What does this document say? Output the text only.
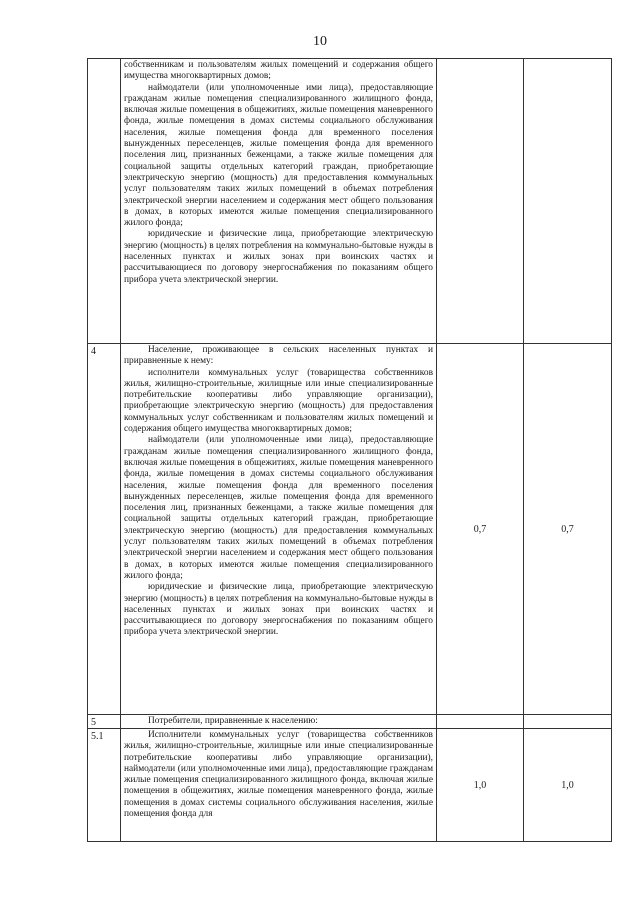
10

	собственникам и пользователям жилых помещений и содержания общего имущества многоквартирных домов;

наймодатели (или уполномоченные ими лица), предоставляющие гражданам жилые помещения специализированного жилищного фонда, включая жилые помещения в общежитиях, жилые помещения маневренного фонда, жилые помещения в домах системы социального обслуживания населения, жилые помещения фонда для временного поселения вынужденных переселенцев, жилые помещения фонда для временного поселения лиц, признанных беженцами, а также жилые помещения для социальной защиты отдельных категорий граждан, приобретающие электрическую энергию (мощность) для предоставления коммунальных услуг пользователям таких жилых помещений в объемах потребления электрической энергии населением и содержания мест общего пользования в домах, в которых имеются жилые помещения специализированного жилого фонда;

юридические и физические лица, приобретающие электрическую энергию (мощность) в целях потребления на коммунально-бытовые нужды в населенных пунктах и жилых зонах при воинских частях и рассчитывающиеся по договору энергоснабжения по показаниям общего прибора учета электрической энергии.		

4	Население, проживающее в сельских населенных пунктах и приравненные к нему:

исполнители коммунальных услуг (товарищества собственников жилья, жилищно-строительные, жилищные или иные специализированные потребительские кооперативы либо управляющие организации), приобретающие электрическую энергию (мощность) для предоставления коммунальных услуг собственникам и пользователям жилых помещений и содержания общего имущества многоквартирных домов;

наймодатели (или уполномоченные ими лица), предоставляющие гражданам жилые помещения специализированного жилищного фонда, включая жилые помещения в общежитиях, жилые помещения маневренного фонда, жилые помещения в домах системы социального обслуживания населения, жилые помещения фонда для временного поселения вынужденных переселенцев, жилые помещения фонда для временного поселения лиц, признанных беженцами, а также жилые помещения для социальной защиты отдельных категорий граждан, приобретающие электрическую энергию (мощность) для предоставления коммунальных услуг пользователям таких жилых помещений в объемах потребления электрической энергии населением и содержания мест общего пользования в домах, в которых имеются жилые помещения специализированного жилого фонда;

юридические и физические лица, приобретающие электрическую энергию (мощность) в целях потребления на коммунально-бытовые нужды в населенных пунктах и жилых зонах при воинских частях и рассчитывающиеся по договору энергоснабжения по показаниям общего прибора учета электрической энергии.	0,7	0,7
5	Потребители, приравненные к населению:		

5.1	Исполнители коммунальных услуг (товарищества собственников жилья, жилищно-строительные, жилищные или иные специализированные потребительские кооперативы либо управляющие организации), наймодатели (или уполномоченные ими лица), предоставляющие гражданам жилые помещения специализированного жилищного фонда, включая жилые помещения в общежитиях, жилые помещения маневренного фонда, жилые помещения в домах системы социального обслуживания населения, жилые помещения фонда для	1,0	1,0
